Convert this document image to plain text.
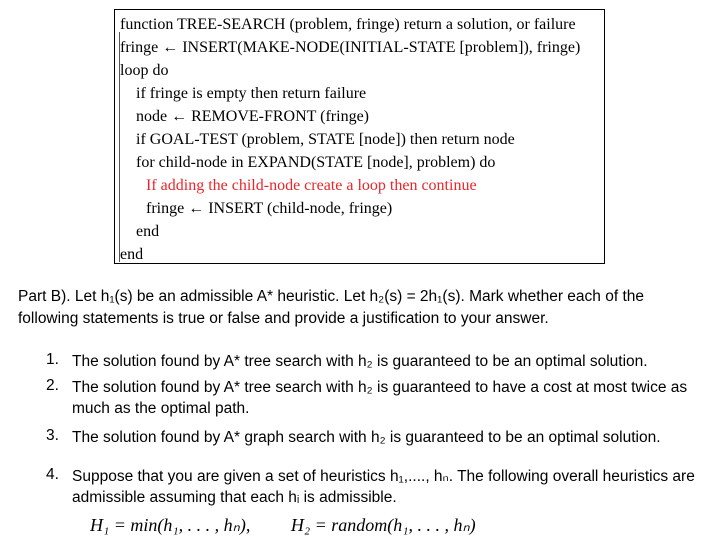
function TREE-SEARCH (problem, fringe) return a solution, or failure
fringe ← INSERT(MAKE-NODE(INITIAL-STATE [problem]), fringe)
loop do
if fringe is empty then return failure
node ← REMOVE-FRONT (fringe)
if GOAL-TEST (problem, STATE [node]) then return node
for child-node in EXPAND(STATE [node], problem) do
If adding the child-node create a loop then continue
fringe ← INSERT (child-node, fringe)
end
end
Part B). Let h₁(s) be an admissible A* heuristic. Let h₂(s) = 2h₁(s). Mark whether each of the following statements is true or false and provide a justification to your answer.
1. The solution found by A* tree search with h₂ is guaranteed to be an optimal solution.
2. The solution found by A* tree search with h₂ is guaranteed to have a cost at most twice as much as the optimal path.
3. The solution found by A* graph search with h₂ is guaranteed to be an optimal solution.
4. Suppose that you are given a set of heuristics h₁,...., hₙ. The following overall heuristics are admissible assuming that each hᵢ is admissible.
H₁ = min(h₁, . . . , hₙ), H₂ = random(h₁, . . . , hₙ)
